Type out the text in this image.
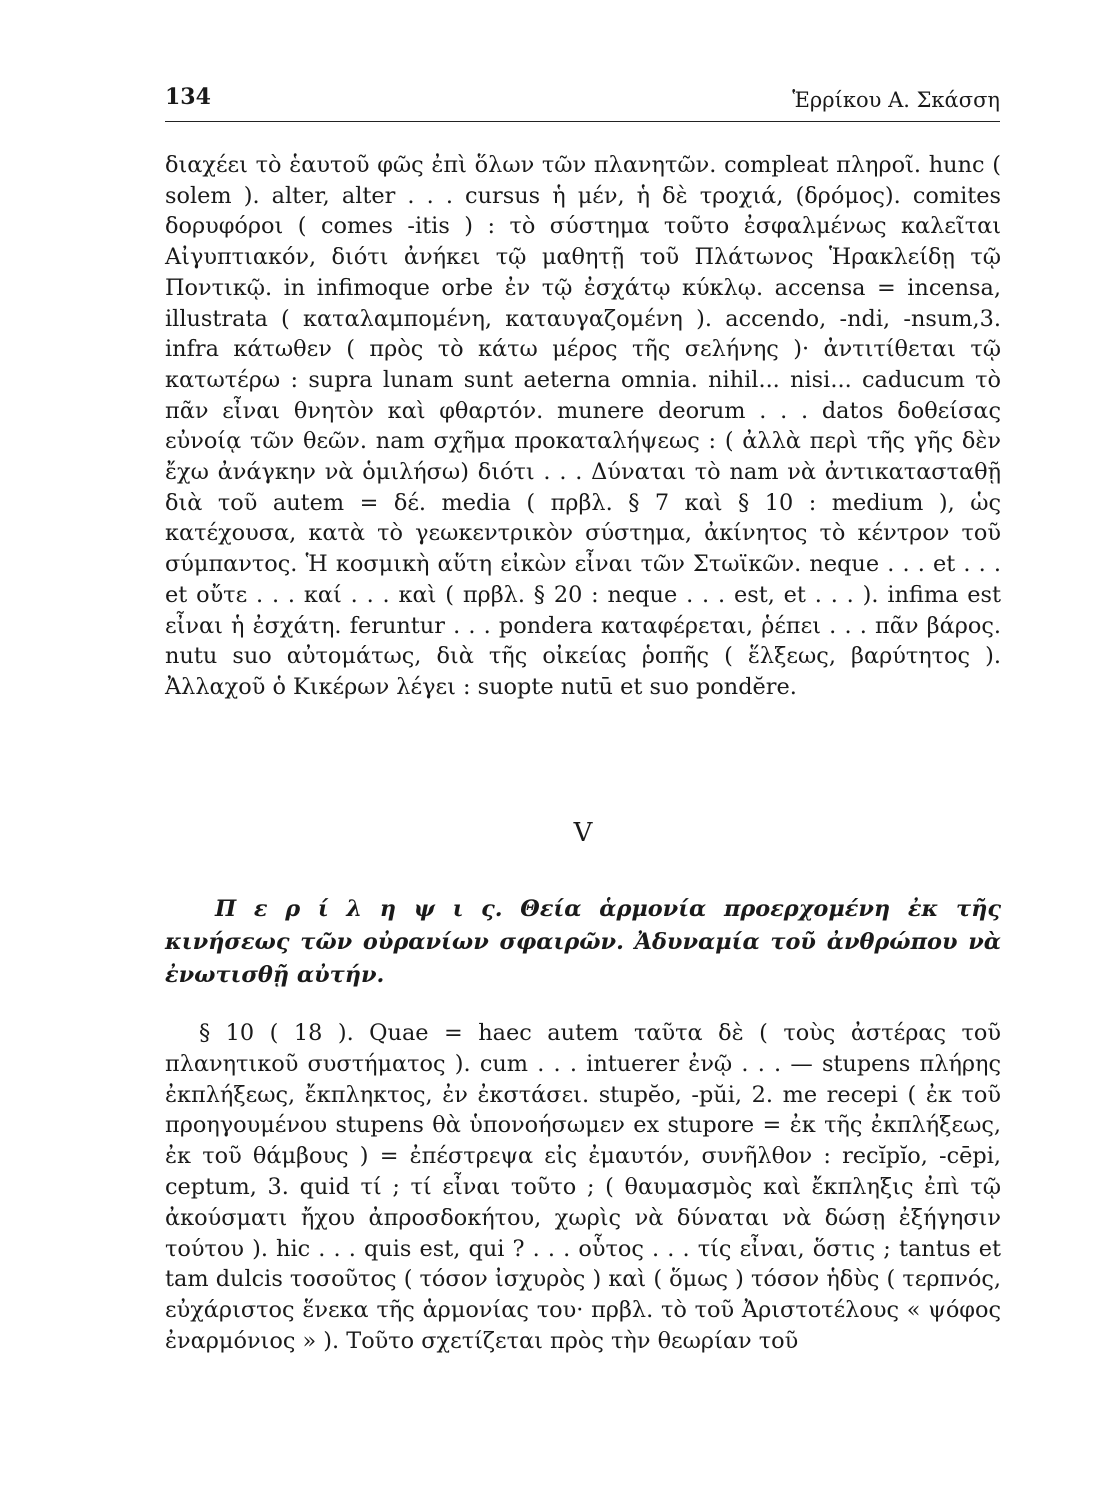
134	Ἑρρίκου Α. Σκάσση

διαχέει τὸ ἑαυτοῦ φῶς ἐπὶ ὅλων τῶν πλανητῶν. compleat πληροῖ. hunc ( solem ). alter, alter . . . cursus ἡ μέν, ἡ δὲ τροχιά, (δρόμος). comites δορυφόροι ( comes -itis ) : τὸ σύστημα τοῦτο ἐσφαλμένως καλεῖται Αἰγυπτιακόν, διότι ἀνήκει τῷ μαθητῇ τοῦ Πλάτωνος Ἡρακλείδῃ τῷ Ποντικῷ. in infimoque orbe ἐν τῷ ἐσχάτῳ κύκλῳ. accensa = incensa, illustrata ( καταλαμπομένη, καταυγαζομένη ). accendo, -ndi, -nsum,3. infra κάτωθεν ( πρὸς τὸ κάτω μέρος τῆς σελήνης )· ἀντιτίθεται τῷ κατωτέρω : supra lunam sunt aeterna omnia. nihil... nisi... caducum τὸ πᾶν εἶναι θνητὸν καὶ φθαρτόν. munere deorum . . . datos δοθείσας εὐνοίᾳ τῶν θεῶν. nam σχῆμα προκαταλήψεως : ( ἀλλὰ περὶ τῆς γῆς δὲν ἔχω ἀνάγκην νὰ ὁμιλήσω) διότι . . . Δύναται τὸ nam νὰ ἀντικατασταθῇ διὰ τοῦ autem = δέ. media ( πρβλ. § 7 καὶ § 10 : medium ), ὡς κατέχουσα, κατὰ τὸ γεωκεντρικὸν σύστημα, ἀκίνητος τὸ κέντρον τοῦ σύμπαντος. Ἡ κοσμικὴ αὕτη εἰκὼν εἶναι τῶν Στωϊκῶν. neque . . . et . . . et οὔτε . . . καί . . . καὶ ( πρβλ. § 20 : neque . . . est, et . . . ). infima est εἶναι ἡ ἐσχάτη. feruntur . . . pondera καταφέρεται, ῥέπει . . . πᾶν βάρος. nutu suo αὐτομάτως, διὰ τῆς οἰκείας ῥοπῆς ( ἕλξεως, βαρύτητος ). Ἀλλαχοῦ ὁ Κικέρων λέγει : suopte nutū et suo pondĕre.

V
Π ε ρ ί λ η ψ ι ς. Θεία ἁρμονία προερχομένη ἐκ τῆς κινήσεως τῶν οὐρανίων σφαιρῶν. Ἀδυναμία τοῦ ἀνθρώπου νὰ ἐνωτισθῇ αὐτήν.
§ 10 ( 18 ). Quae = haec autem ταῦτα δὲ ( τοὺς ἀστέρας τοῦ πλανητικοῦ συστήματος ). cum . . . intuerer ἐνῷ . . . — stupens πλήρης ἐκπλήξεως, ἔκπληκτος, ἐν ἐκστάσει. stupĕo, -pŭi, 2. me recepi ( ἐκ τοῦ προηγουμένου stupens θὰ ὑπονοήσωμεν ex stupore = ἐκ τῆς ἐκπλήξεως, ἐκ τοῦ θάμβους ) = ἐπέστρεψα εἰς ἐμαυτόν, συνῆλθον : recĭpĭo, -cēpi, ceptum, 3. quid τί ; τί εἶναι τοῦτο ; ( θαυμασμὸς καὶ ἔκπληξις ἐπὶ τῷ ἀκούσματι ἤχου ἀπροσδοκήτου, χωρὶς νὰ δύναται νὰ δώσῃ ἐξήγησιν τούτου ). hic . . . quis est, qui ? . . . οὗτος . . . τίς εἶναι, ὅστις ; tantus et tam dulcis τοσοῦτος ( τόσον ἰσχυρὸς ) καὶ ( ὅμως ) τόσον ἡδὺς ( τερπνός, εὐχάριστος ἕνεκα τῆς ἁρμονίας του· πρβλ. τὸ τοῦ Ἀριστοτέλους « ψόφος ἐναρμόνιος » ). Τοῦτο σχετίζεται πρὸς τὴν θεωρίαν τοῦ
